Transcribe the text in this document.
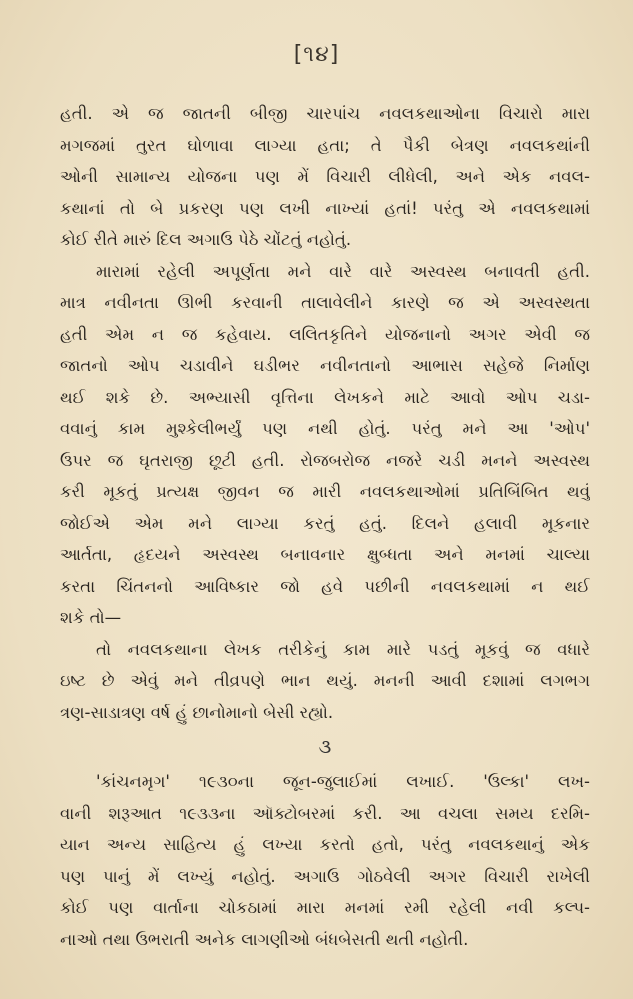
[૧૪]
હતી. એ જ જાતની બીજી ચારપાંચ નવલકથાઓના વિચારો મારા
મગજમાં તુરત ઘોળાવા લાગ્યા હતા; તે પૈકી બેત્રણ નવલકથાંની
ઓની સામાન્ય યોજના પણ મેં વિચારી લીધેલી, અને એક નવલ-
કથાનાં તો બે પ્રકરણ પણ લખી નાખ્યાં હતાં! પરંતુ એ નવલકથામાં
કોઈ રીતે મારું દિલ અગાઉ પેઠે ચોંટતું નહોતું.
મારામાં રહેલી અપૂર્ણતા મને વારે વારે અસ્વસ્થ બનાવતી હતી.
માત્ર નવીનતા ઊભી કરવાની તાલાવેલીને કારણે જ એ અસ્વસ્થતા
હતી એમ ન જ કહેવાય. લલિતકૃતિને યોજનાનો અગર એવી જ
જાતનો ઓપ ચડાવીને ઘડીભર નવીનતાનો આભાસ સહેજે નિર્માણ
થઈ શકે છે. અભ્યાસી વૃત્તિના લેખકને માટે આવો ઓપ ચડા-
વવાનું કામ મુશ્કેલીભર્યું પણ નથી હોતું. પરંતુ મને આ 'ઓપ'
ઉપર જ ઘૃતરાજી છૂટી હતી. રોજબરોજ નજરે ચડી મનને અસ્વસ્થ
કરી મૂકતું પ્રત્યક્ષ જીવન જ મારી નવલકથાઓમાં પ્રતિબિંબિત થવું
જોઈએ એમ મને લાગ્યા કરતું હતું. દિલને હલાવી મૂકનાર
આર્તતા, હૃદયને અસ્વસ્થ બનાવનાર ક્ષુબ્ધતા અને મનમાં ચાલ્યા
કરતા ચિંતનનો આવિષ્કાર જો હવે પછીની નવલકથામાં ન થઈ
શકે તો—
તો નવલકથાના લેખક તરીકેનું કામ મારે પડતું મૂકવું જ વધારે
ઇષ્ટ છે એવું મને તીવ્રપણે ભાન થયું. મનની આવી દશામાં લગભગ
ત્રણ-સાડાત્રણ વર્ષ હું છાનોમાનો બેસી રહ્યો.
૩
'કાંચનમૃગ' ૧૯૩૦ના જૂન-જુલાઈમાં લખાઈ. 'ઉલ્કા' લખ-
વાની શરૂઆત ૧૯૩૩ના ઑક્ટોબરમાં કરી. આ વચલા સમય દરમિ-
યાન અન્ય સાહિત્ય હું લખ્યા કરતો હતો, પરંતુ નવલકથાનું એક
પણ પાનું મેં લખ્યું નહોતું. અગાઉ ગોઠવેલી અગર વિચારી રાખેલી
કોઈ પણ વાર્તાના ચોકઠામાં મારા મનમાં રમી રહેલી નવી કલ્પ-
નાઓ તથા ઉભરાતી અનેક લાગણીઓ બંધબેસતી થતી નહોતી.
